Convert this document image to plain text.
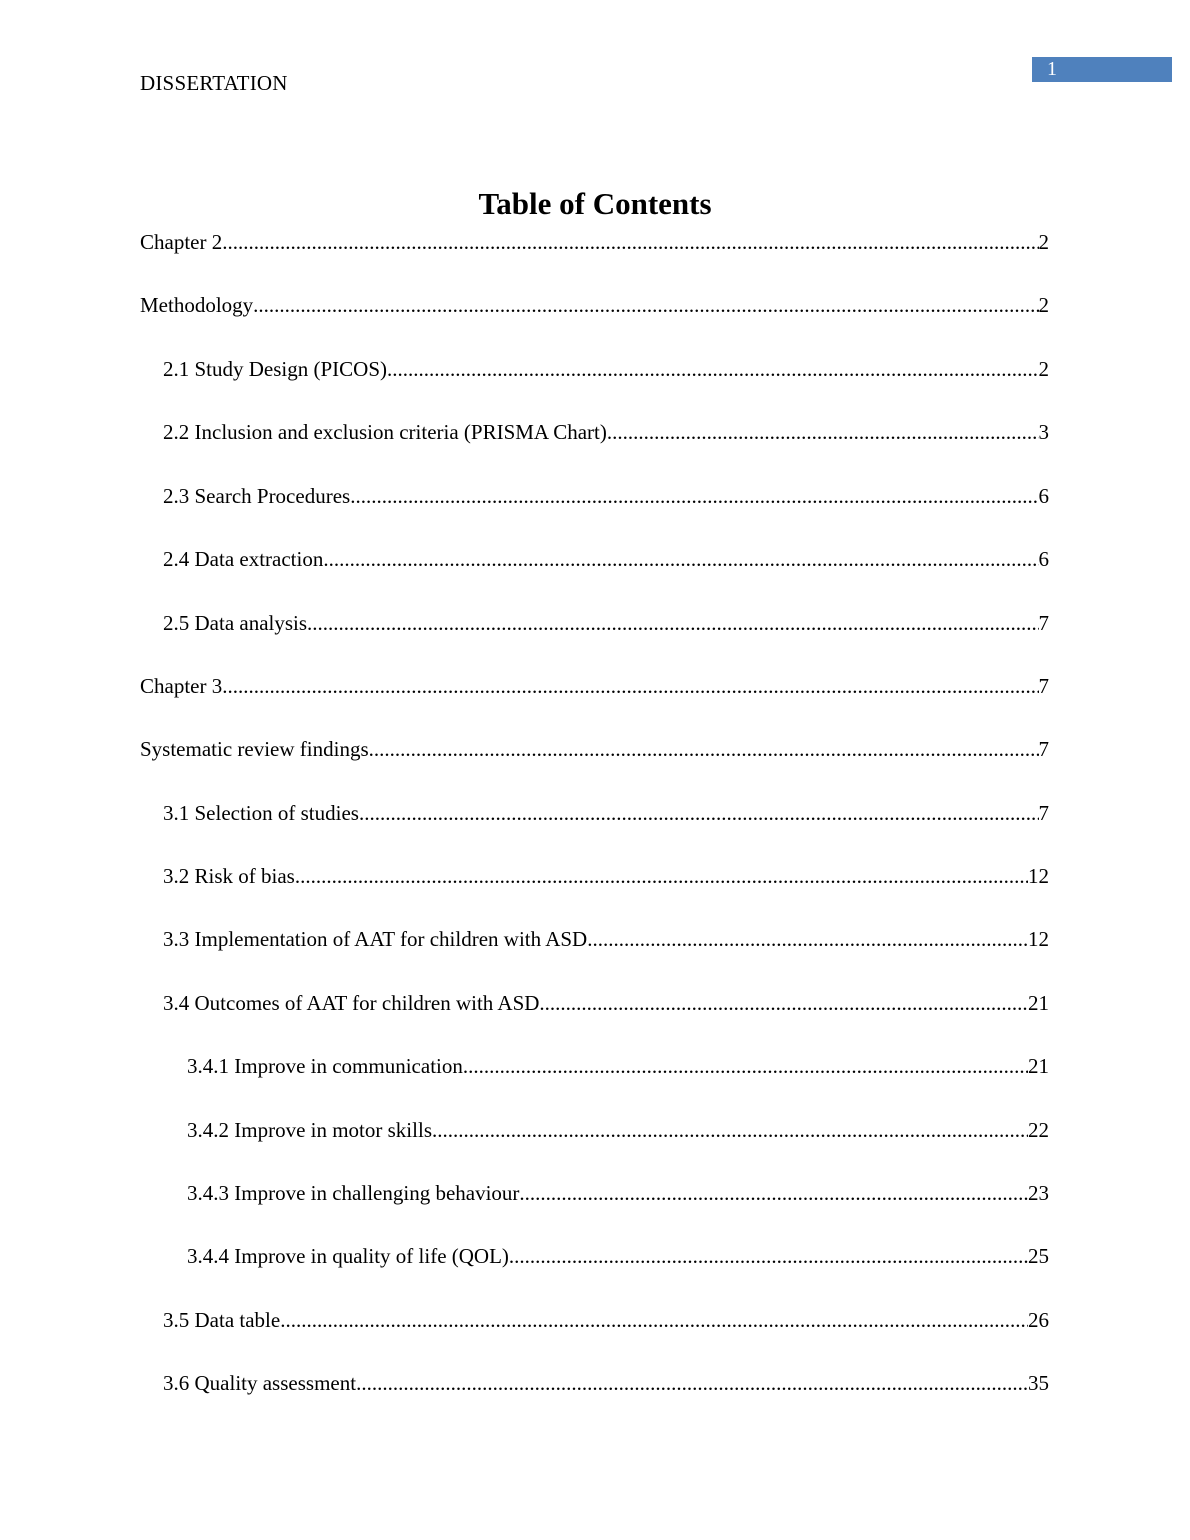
DISSERTATION
1
Table of Contents
Chapter 2 .....	2
Methodology .....	2
2.1 Study Design (PICOS) .....	2
2.2 Inclusion and exclusion criteria (PRISMA Chart) .....	3
2.3 Search Procedures .....	6
2.4 Data extraction .....	6
2.5 Data analysis .....	7
Chapter 3 .....	7
Systematic review findings .....	7
3.1 Selection of studies .....	7
3.2 Risk of bias .....	12
3.3 Implementation of AAT for children with ASD .....	12
3.4 Outcomes of AAT for children with ASD .....	21
3.4.1 Improve in communication .....	21
3.4.2 Improve in motor skills .....	22
3.4.3 Improve in challenging behaviour .....	23
3.4.4 Improve in quality of life (QOL) .....	25
3.5 Data table .....	26
3.6 Quality assessment .....	35
